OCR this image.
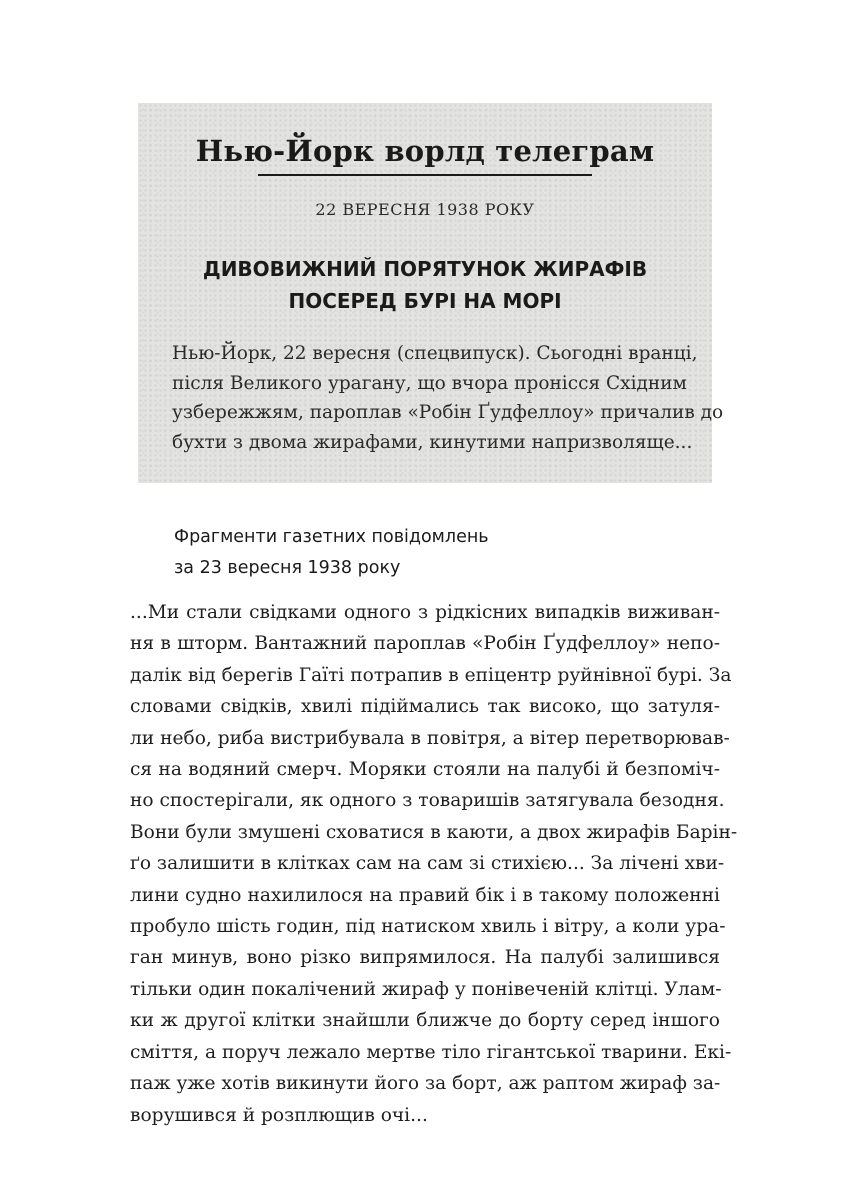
Нью-Йорк ворлд телеграм
22 ВЕРЕСНЯ 1938 РОКУ
ДИВОВИЖНИЙ ПОРЯТУНОК ЖИРАФІВ
ПОСЕРЕД БУРІ НА МОРІ
Нью-Йорк, 22 вересня (спецвипуск). Сьогодні вранці,
після Великого урагану, що вчора пронісся Східним
узбережжям, пароплав «Робін Ґудфеллоу» причалив до
бухти з двома жирафами, кинутими напризволяще...
Фрагменти газетних повідомлень
за 23 вересня 1938 року
...Ми стали свідками одного з рідкісних випадків виживан-
ня в шторм. Вантажний пароплав «Робін Ґудфеллоу» непо-
далік від берегів Гаїті потрапив в епіцентр руйнівної бурі. За
словами свідків, хвилі підіймались так високо, що затуля-
ли небо, риба вистрибувала в повітря, а вітер перетворював-
ся на водяний смерч. Моряки стояли на палубі й безпоміч-
но спостерігали, як одного з товаришів затягувала безодня.
Вони були змушені сховатися в каюти, а двох жирафів Барін-
ґо залишити в клітках сам на сам зі стихією... За лічені хви-
лини судно нахилилося на правий бік і в такому положенні
пробуло шість годин, під натиском хвиль і вітру, а коли ура-
ган минув, воно різко випрямилося. На палубі залишився
тільки один покалічений жираф у понівеченій клітці. Улам-
ки ж другої клітки знайшли ближче до борту серед іншого
сміття, а поруч лежало мертве тіло гігантської тварини. Екі-
паж уже хотів викинути його за борт, аж раптом жираф за-
ворушився й розплющив очі...
